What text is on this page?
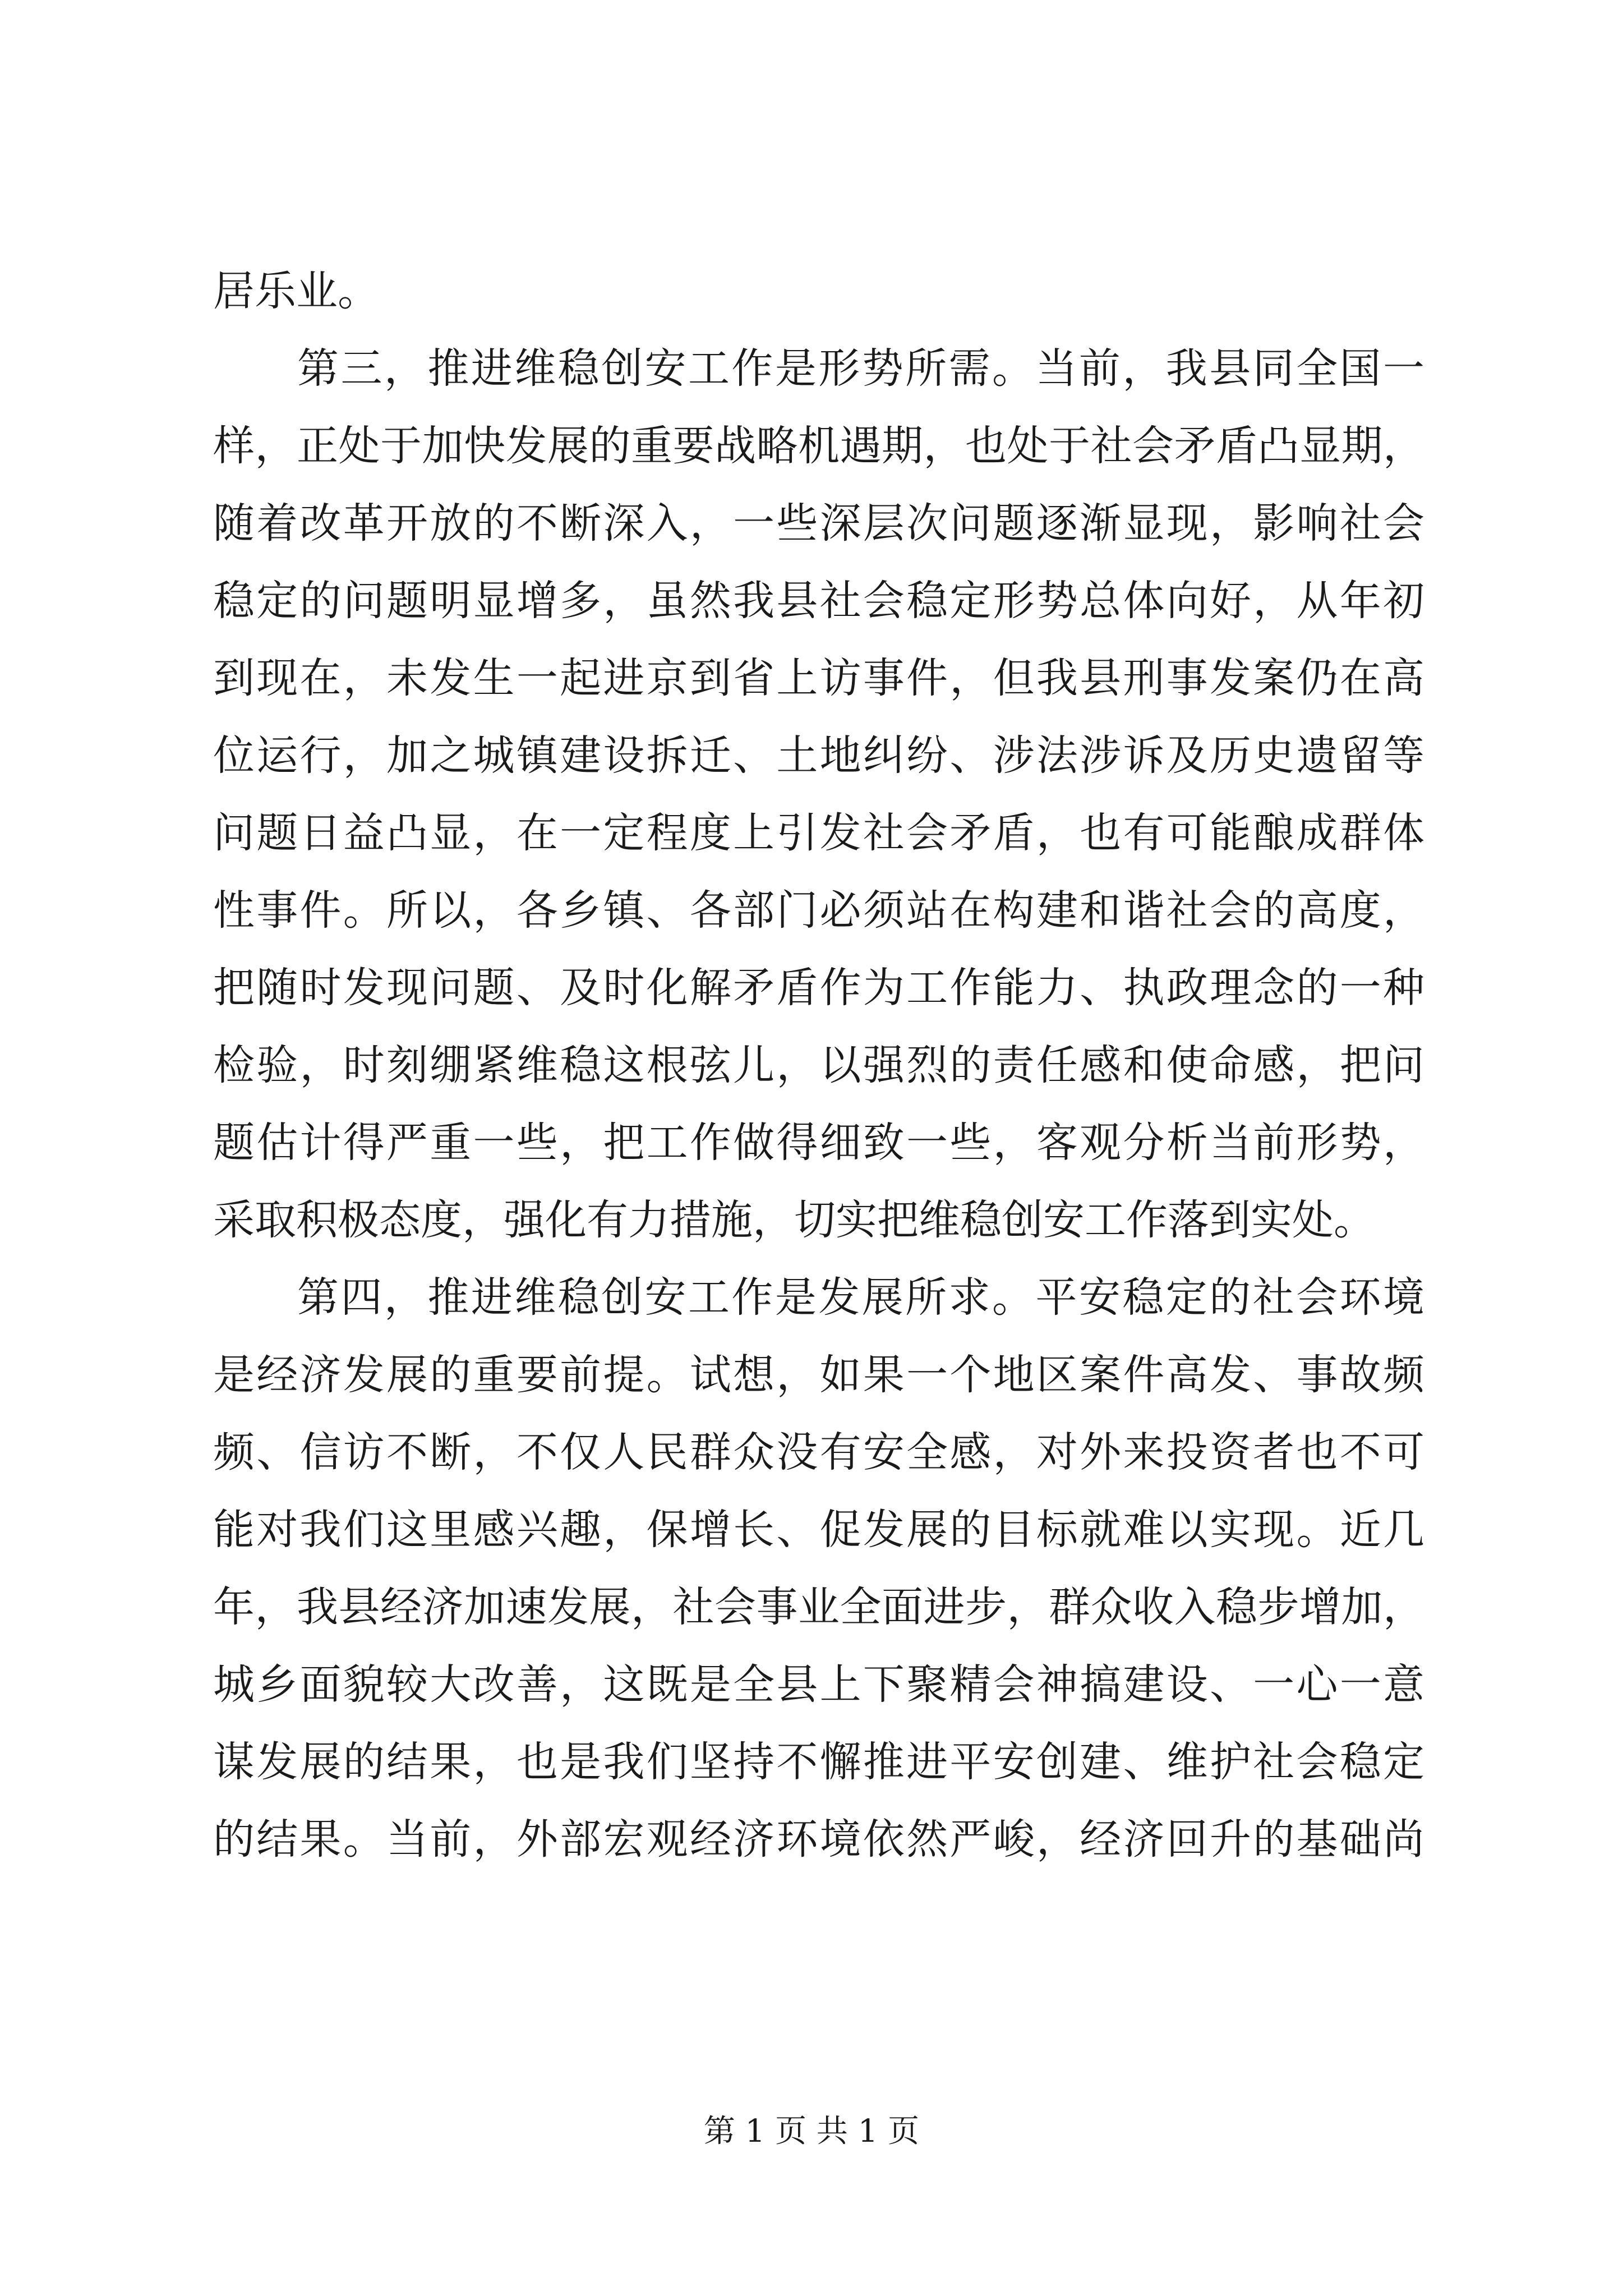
居乐业。
第三，推进维稳创安工作是形势所需。当前，我县同全国一
样，正处于加快发展的重要战略机遇期，也处于社会矛盾凸显期，
随着改革开放的不断深入，一些深层次问题逐渐显现，影响社会
稳定的问题明显增多，虽然我县社会稳定形势总体向好，从年初
到现在，未发生一起进京到省上访事件，但我县刑事发案仍在高
位运行，加之城镇建设拆迁、土地纠纷、涉法涉诉及历史遗留等
问题日益凸显，在一定程度上引发社会矛盾，也有可能酿成群体
性事件。所以，各乡镇、各部门必须站在构建和谐社会的高度，
把随时发现问题、及时化解矛盾作为工作能力、执政理念的一种
检验，时刻绷紧维稳这根弦儿，以强烈的责任感和使命感，把问
题估计得严重一些，把工作做得细致一些，客观分析当前形势，
采取积极态度，强化有力措施，切实把维稳创安工作落到实处。
第四，推进维稳创安工作是发展所求。平安稳定的社会环境
是经济发展的重要前提。试想，如果一个地区案件高发、事故频
频、信访不断，不仅人民群众没有安全感，对外来投资者也不可
能对我们这里感兴趣，保增长、促发展的目标就难以实现。近几
年，我县经济加速发展，社会事业全面进步，群众收入稳步增加，
城乡面貌较大改善，这既是全县上下聚精会神搞建设、一心一意
谋发展的结果，也是我们坚持不懈推进平安创建、维护社会稳定
的结果。当前，外部宏观经济环境依然严峻，经济回升的基础尚
第 1 页 共 1 页
